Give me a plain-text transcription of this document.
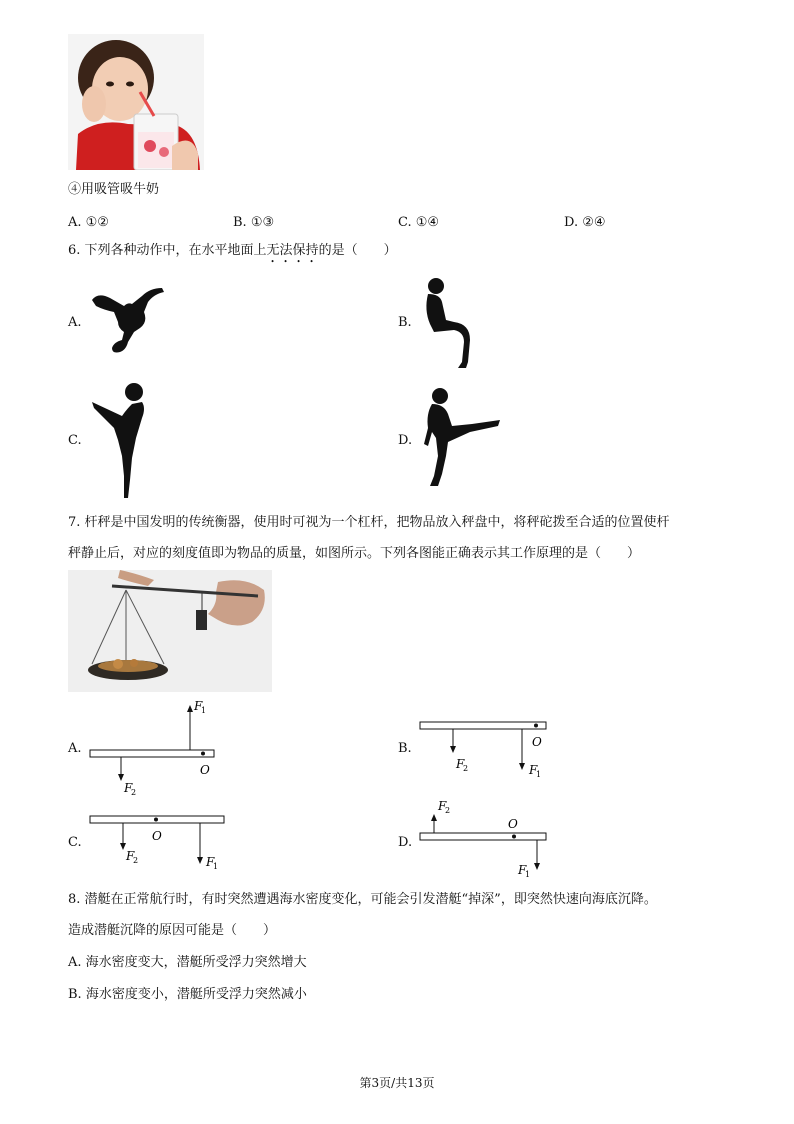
④用吸管吸牛奶
A. ①②	B. ①③	C. ①④	D. ②④
6. 下列各种动作中，在水平地面上无法保持的是（　　）
A.	B.
C.	D.
7. 杆秤是中国发明的传统衡器，使用时可视为一个杠杆，把物品放入秤盘中，将秤砣拨至合适的位置使杆
秤静止后，对应的刻度值即为物品的质量，如图所示。下列各图能正确表示其工作原理的是（　　）
A.
F
1
F
2
O
B.	O
F
2	F
1
C.	O
F
2	F
1
D.
F
2
O
F
1
8. 潜艇在正常航行时，有时突然遭遇海水密度变化，可能会引发潜艇“掉深”，即突然快速向海底沉降。
造成潜艇沉降的原因可能是（　　）
A. 海水密度变大，潜艇所受浮力突然增大
B. 海水密度变小，潜艇所受浮力突然减小
第3页/共13页
